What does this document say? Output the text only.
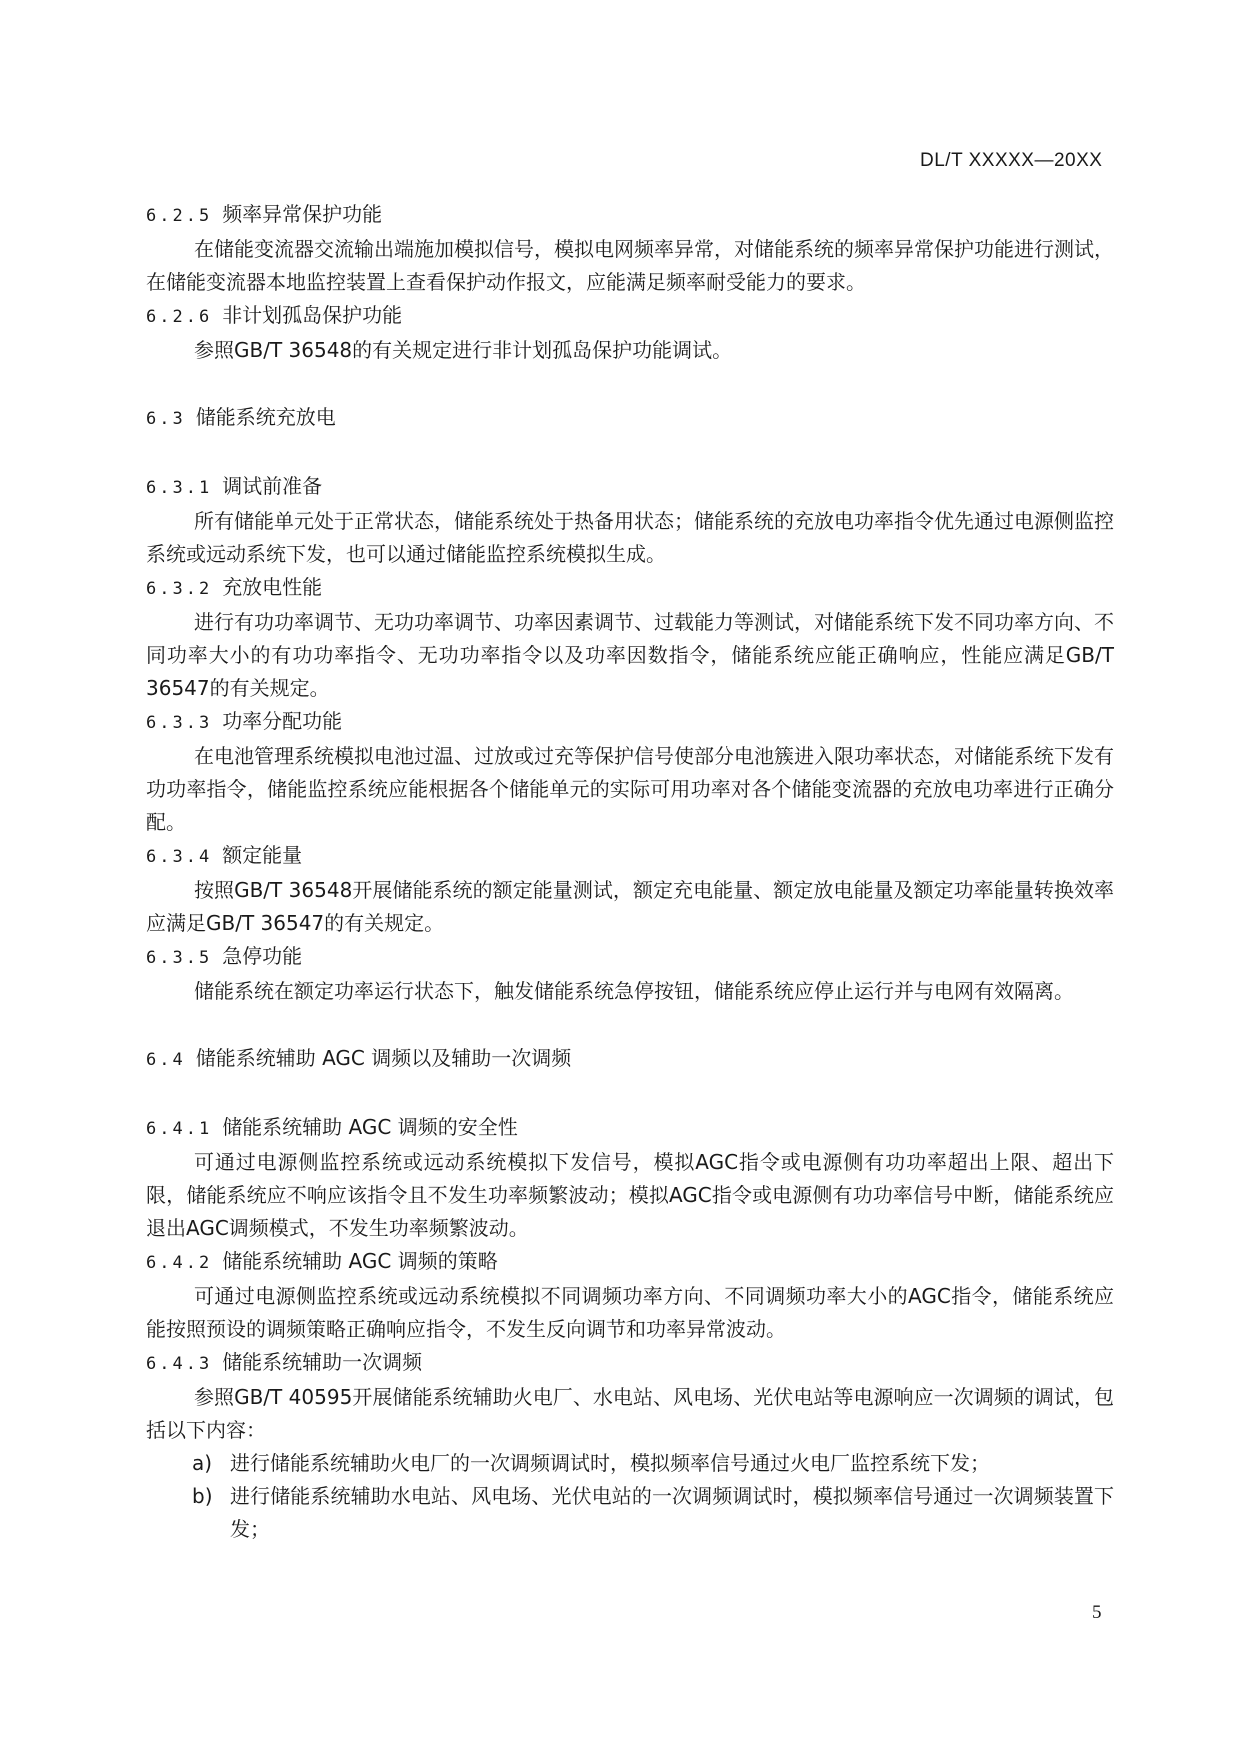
DL/T XXXXX—20XX
6.2.5 频率异常保护功能

在储能变流器交流输出端施加模拟信号，模拟电网频率异常，对储能系统的频率异常保护功能进行测试，在储能变流器本地监控装置上查看保护动作报文，应能满足频率耐受能力的要求。

6.2.6 非计划孤岛保护功能

参照GB/T 36548的有关规定进行非计划孤岛保护功能调试。

6.3 储能系统充放电
6.3.1 调试前准备

所有储能单元处于正常状态，储能系统处于热备用状态；储能系统的充放电功率指令优先通过电源侧监控系统或远动系统下发，也可以通过储能监控系统模拟生成。

6.3.2 充放电性能

进行有功功率调节、无功功率调节、功率因素调节、过载能力等测试，对储能系统下发不同功率方向、不同功率大小的有功功率指令、无功功率指令以及功率因数指令，储能系统应能正确响应，性能应满足GB/T 36547的有关规定。

6.3.3 功率分配功能

在电池管理系统模拟电池过温、过放或过充等保护信号使部分电池簇进入限功率状态，对储能系统下发有功功率指令，储能监控系统应能根据各个储能单元的实际可用功率对各个储能变流器的充放电功率进行正确分配。

6.3.4 额定能量

按照GB/T 36548开展储能系统的额定能量测试，额定充电能量、额定放电能量及额定功率能量转换效率应满足GB/T 36547的有关规定。

6.3.5 急停功能

储能系统在额定功率运行状态下，触发储能系统急停按钮，储能系统应停止运行并与电网有效隔离。

6.4 储能系统辅助 AGC 调频以及辅助一次调频
6.4.1 储能系统辅助 AGC 调频的安全性

可通过电源侧监控系统或远动系统模拟下发信号，模拟AGC指令或电源侧有功功率超出上限、超出下限，储能系统应不响应该指令且不发生功率频繁波动；模拟AGC指令或电源侧有功功率信号中断，储能系统应退出AGC调频模式，不发生功率频繁波动。

6.4.2 储能系统辅助 AGC 调频的策略

可通过电源侧监控系统或远动系统模拟不同调频功率方向、不同调频功率大小的AGC指令，储能系统应能按照预设的调频策略正确响应指令，不发生反向调节和功率异常波动。

6.4.3 储能系统辅助一次调频

参照GB/T 40595开展储能系统辅助火电厂、水电站、风电场、光伏电站等电源响应一次调频的调试，包括以下内容：

a) 进行储能系统辅助火电厂的一次调频调试时，模拟频率信号通过火电厂监控系统下发；
b) 进行储能系统辅助水电站、风电场、光伏电站的一次调频调试时，模拟频率信号通过一次调频装置下发；
5
